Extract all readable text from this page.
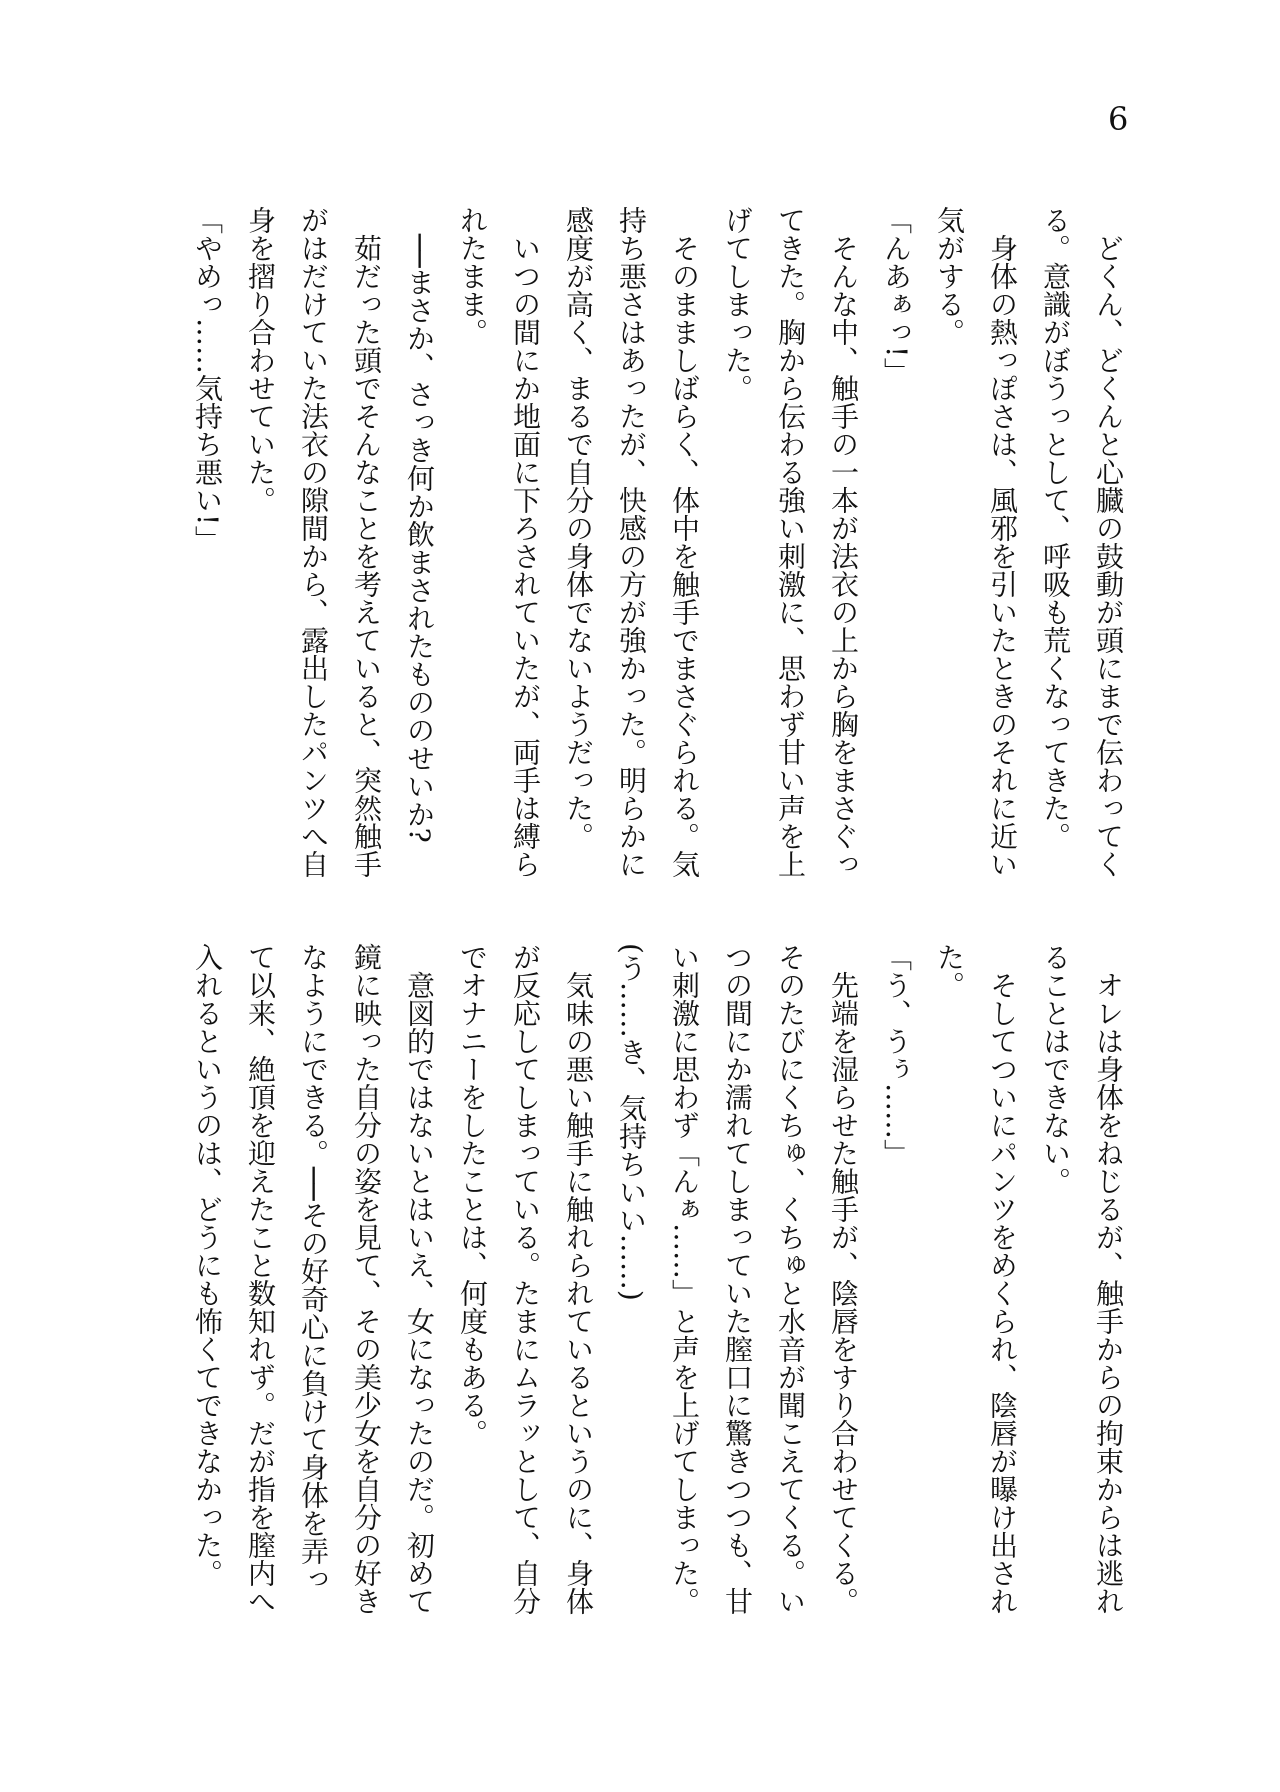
6
どくん、どくんと心臓の鼓動が頭にまで伝わってく
る。意識がぼうっとして、呼吸も荒くなってきた。
身体の熱っぽさは、風邪を引いたときのそれに近い
気がする。
「んあぁっ!」
そんな中、触手の一本が法衣の上から胸をまさぐっ
てきた。胸から伝わる強い刺激に、思わず甘い声を上
げてしまった。
そのまましばらく、体中を触手でまさぐられる。気
持ち悪さはあったが、快感の方が強かった。明らかに
感度が高く、まるで自分の身体でないようだった。
いつの間にか地面に下ろされていたが、両手は縛ら
れたまま。
──まさか、さっき何か飲まされたもののせいか?
茹だった頭でそんなことを考えていると、突然触手
がはだけていた法衣の隙間から、露出したパンツへ自
身を摺り合わせていた。
「やめっ……気持ち悪い!」
オレは身体をねじるが、触手からの拘束からは逃れ
ることはできない。
そしてついにパンツをめくられ、陰唇が曝け出され
た。
「う、うぅ……」
先端を湿らせた触手が、陰唇をすり合わせてくる。
そのたびにくちゅ、くちゅと水音が聞こえてくる。い
つの間にか濡れてしまっていた膣口に驚きつつも、甘
い刺激に思わず「んぁ……」と声を上げてしまった。
(う……き、気持ちいい……)
気味の悪い触手に触れられているというのに、身体
が反応してしまっている。たまにムラッとして、自分
でオナニーをしたことは、何度もある。
意図的ではないとはいえ、女になったのだ。初めて
鏡に映った自分の姿を見て、その美少女を自分の好き
なようにできる。──その好奇心に負けて身体を弄っ
て以来、絶頂を迎えたこと数知れず。だが指を膣内へ
入れるというのは、どうにも怖くてできなかった。
